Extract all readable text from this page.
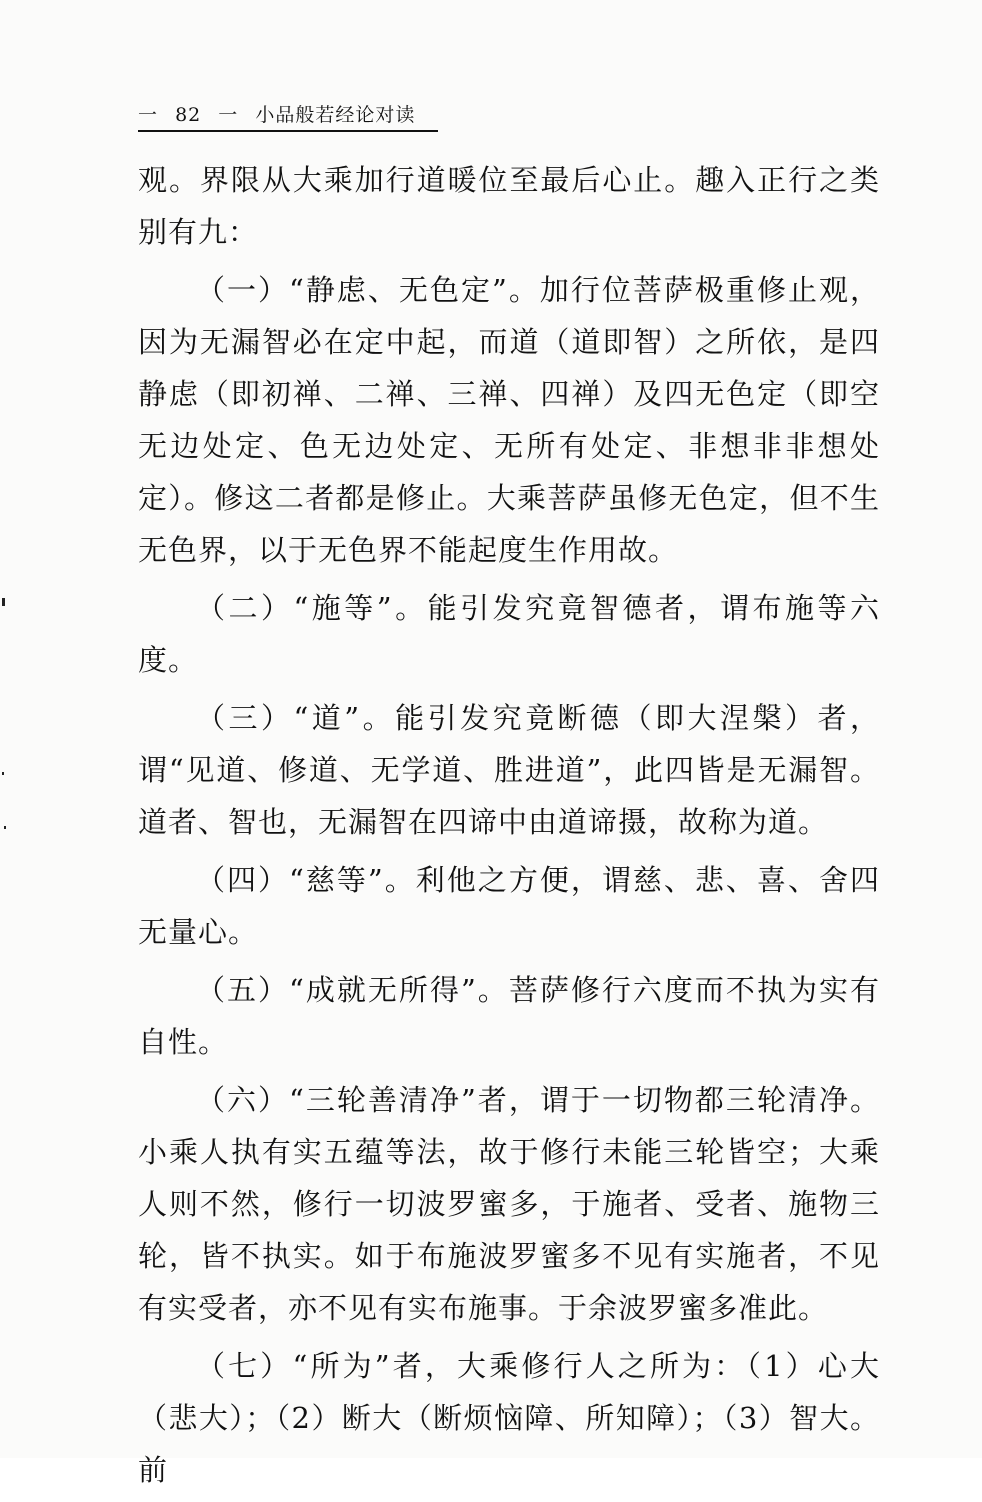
一 82 一 小品般若经论对读

观。界限从大乘加行道暖位至最后心止。趣入正行之类别有九：

（一）“静虑、无色定”。加行位菩萨极重修止观，因为无漏智必在定中起，而道（道即智）之所依，是四静虑（即初禅、二禅、三禅、四禅）及四无色定（即空无边处定、色无边处定、无所有处定、非想非非想处定）。修这二者都是修止。大乘菩萨虽修无色定，但不生无色界，以于无色界不能起度生作用故。

（二）“施等”。能引发究竟智德者，谓布施等六度。

（三）“道”。能引发究竟断德（即大涅槃）者，谓“见道、修道、无学道、胜进道”，此四皆是无漏智。道者、智也，无漏智在四谛中由道谛摄，故称为道。

（四）“慈等”。利他之方便，谓慈、悲、喜、舍四无量心。

（五）“成就无所得”。菩萨修行六度而不执为实有自性。

（六）“三轮善清净”者，谓于一切物都三轮清净。小乘人执有实五蕴等法，故于修行未能三轮皆空；大乘人则不然，修行一切波罗蜜多，于施者、受者、施物三轮，皆不执实。如于布施波罗蜜多不见有实施者，不见有实受者，亦不见有实布施事。于余波罗蜜多准此。

（七）“所为”者，大乘修行人之所为：（1）心大（悲大）；（2）断大（断烦恼障、所知障）；（3）智大。前
